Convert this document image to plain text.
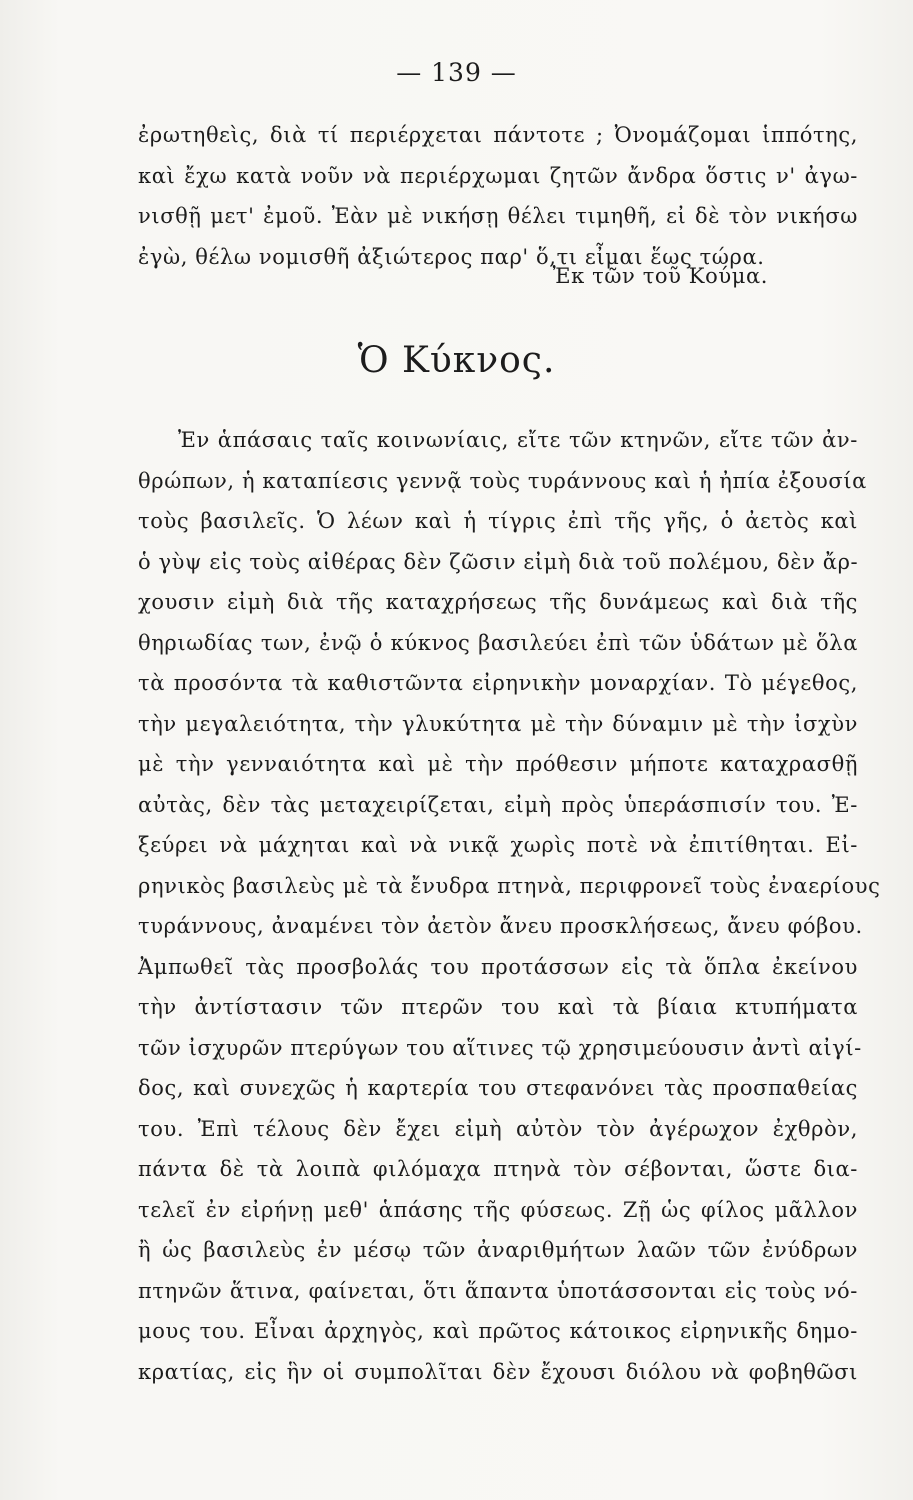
— 139 —
ἐρωτηθεὶς, διὰ τί περιέρχεται πάντοτε ; Ὀνομάζομαι ἱππότης,
καὶ ἔχω κατὰ νοῦν νὰ περιέρχωμαι ζητῶν ἄνδρα ὅστις ν' ἀγω-
νισθῇ μετ' ἐμοῦ. Ἐὰν μὲ νικήσῃ θέλει τιμηθῆ, εἰ δὲ τὸν νικήσω
ἐγὼ, θέλω νομισθῆ ἀξιώτερος παρ' ὅ,τι εἶμαι ἕως τώρα.
Ἐκ τῶν τοῦ Κούμα.
Ὁ Κύκνος.
Ἐν ἁπάσαις ταῖς κοινωνίαις, εἴτε τῶν κτηνῶν, εἴτε τῶν ἀν-
θρώπων, ἡ καταπίεσις γεννᾷ τοὺς τυράννους καὶ ἡ ἠπία ἐξουσία
τοὺς βασιλεῖς. Ὁ λέων καὶ ἡ τίγρις ἐπὶ τῆς γῆς, ὁ ἀετὸς καὶ
ὁ γὺψ εἰς τοὺς αἰθέρας δὲν ζῶσιν εἰμὴ διὰ τοῦ πολέμου, δὲν ἄρ-
χουσιν εἰμὴ διὰ τῆς καταχρήσεως τῆς δυνάμεως καὶ διὰ τῆς
θηριωδίας των, ἐνῷ ὁ κύκνος βασιλεύει ἐπὶ τῶν ὑδάτων μὲ ὅλα
τὰ προσόντα τὰ καθιστῶντα εἰρηνικὴν μοναρχίαν. Τὸ μέγεθος,
τὴν μεγαλειότητα, τὴν γλυκύτητα μὲ τὴν δύναμιν μὲ τὴν ἰσχὺν
μὲ τὴν γενναιότητα καὶ μὲ τὴν πρόθεσιν μήποτε καταχρασθῇ
αὐτὰς, δὲν τὰς μεταχειρίζεται, εἰμὴ πρὸς ὑπεράσπισίν του. Ἐ-
ξεύρει νὰ μάχηται καὶ νὰ νικᾷ χωρὶς ποτὲ νὰ ἐπιτίθηται. Εἰ-
ρηνικὸς βασιλεὺς μὲ τὰ ἔνυδρα πτηνὰ, περιφρονεῖ τοὺς ἐναερίους
τυράννους, ἀναμένει τὸν ἀετὸν ἄνευ προσκλήσεως, ἄνευ φόβου.
Ἀμπωθεῖ τὰς προσβολάς του προτάσσων εἰς τὰ ὅπλα ἐκείνου
τὴν ἀντίστασιν τῶν πτερῶν του καὶ τὰ βίαια κτυπήματα
τῶν ἰσχυρῶν πτερύγων του αἵτινες τῷ χρησιμεύουσιν ἀντὶ αἰγί-
δος, καὶ συνεχῶς ἡ καρτερία του στεφανόνει τὰς προσπαθείας
του. Ἐπὶ τέλους δὲν ἔχει εἰμὴ αὐτὸν τὸν ἀγέρωχον ἐχθρὸν,
πάντα δὲ τὰ λοιπὰ φιλόμαχα πτηνὰ τὸν σέβονται, ὥστε δια-
τελεῖ ἐν εἰρήνῃ μεθ' ἁπάσης τῆς φύσεως. Ζῇ ὡς φίλος μᾶλλον
ἢ ὡς βασιλεὺς ἐν μέσῳ τῶν ἀναριθμήτων λαῶν τῶν ἐνύδρων
πτηνῶν ἅτινα, φαίνεται, ὅτι ἅπαντα ὑποτάσσονται εἰς τοὺς νό-
μους του. Εἶναι ἀρχηγὸς, καὶ πρῶτος κάτοικος εἰρηνικῆς δημο-
κρατίας, εἰς ἣν οἱ συμπολῖται δὲν ἔχουσι διόλου νὰ φοβηθῶσι
